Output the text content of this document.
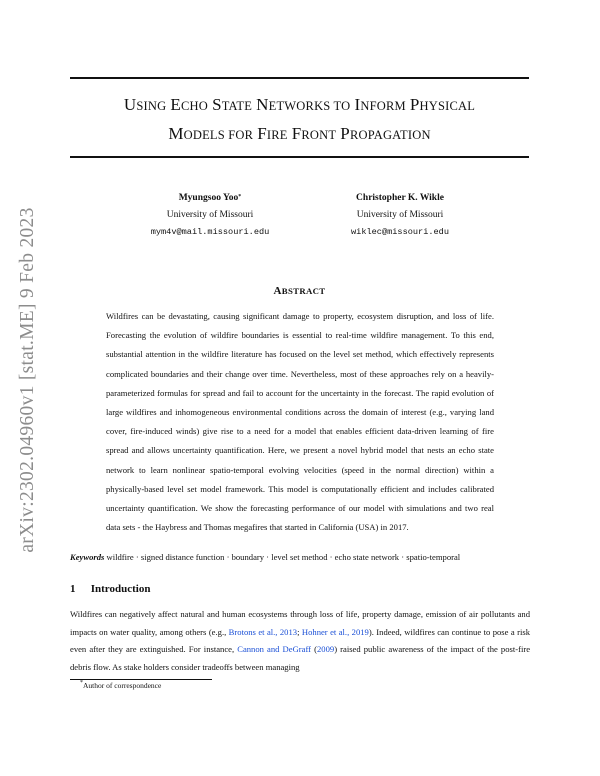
USING ECHO STATE NETWORKS TO INFORM PHYSICAL
MODELS FOR FIRE FRONT PROPAGATION
arXiv:2302.04960v1 [stat.ME] 9 Feb 2023
Myungsoo Yoo*
University of Missouri
mym4v@mail.missouri.edu
Christopher K. Wikle
University of Missouri
wiklec@missouri.edu
ABSTRACT
Wildfires can be devastating, causing significant damage to property, ecosystem disruption, and loss of life. Forecasting the evolution of wildfire boundaries is essential to real-time wildfire management. To this end, substantial attention in the wildfire literature has focused on the level set method, which effectively represents complicated boundaries and their change over time. Nevertheless, most of these approaches rely on a heavily-parameterized formulas for spread and fail to account for the uncertainty in the forecast. The rapid evolution of large wildfires and inhomogeneous environmental conditions across the domain of interest (e.g., varying land cover, fire-induced winds) give rise to a need for a model that enables efficient data-driven learning of fire spread and allows uncertainty quantification. Here, we present a novel hybrid model that nests an echo state network to learn nonlinear spatio-temporal evolving velocities (speed in the normal direction) within a physically-based level set model framework. This model is computationally efficient and includes calibrated uncertainty quantification. We show the forecasting performance of our model with simulations and two real data sets - the Haybress and Thomas megafires that started in California (USA) in 2017.
Keywords wildfire · signed distance function · boundary · level set method · echo state network · spatio-temporal
1 Introduction
Wildfires can negatively affect natural and human ecosystems through loss of life, property damage, emission of air pollutants and impacts on water quality, among others (e.g., Brotons et al., 2013; Hohner et al., 2019). Indeed, wildfires can continue to pose a risk even after they are extinguished. For instance, Cannon and DeGraff (2009) raised public awareness of the impact of the post-fire debris flow. As stake holders consider tradeoffs between managing
*Author of correspondence
